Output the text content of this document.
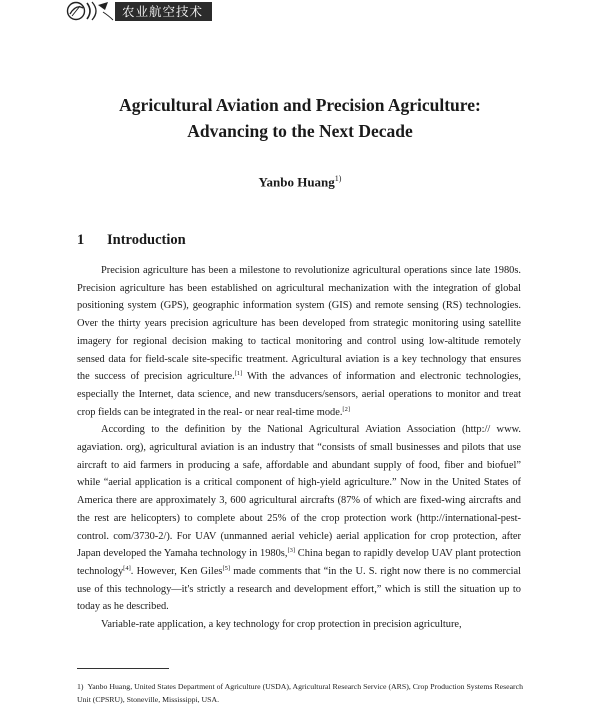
农业航空技术
Agricultural Aviation and Precision Agriculture:
Advancing to the Next Decade

Yanbo Huang$^{1)}$

1 Introduction

Precision agriculture has been a milestone to revolutionize agricultural operations since late 1980s. Precision agriculture has been established on agricultural mechanization with the integration of global positioning system (GPS), geographic information system (GIS) and remote sensing (RS) technologies. Over the thirty years precision agriculture has been developed from strategic monitoring using satellite imagery for regional decision making to tactical monitoring and control using low-altitude remotely sensed data for field-scale site-specific treatment. Agricultural aviation is a key technology that ensures the success of precision agriculture.[1] With the advances of information and electronic technologies, especially the Internet, data science, and new transducers/sensors, aerial operations to monitor and treat crop fields can be integrated in the real- or near real-time mode.[2]

According to the definition by the National Agricultural Aviation Association (http:// www. agaviation. org), agricultural aviation is an industry that “consists of small businesses and pilots that use aircraft to aid farmers in producing a safe, affordable and abundant supply of food, fiber and biofuel” while “aerial application is a critical component of high-yield agriculture.” Now in the United States of America there are approximately 3, 600 agricultural aircrafts (87% of which are fixed-wing aircrafts and the rest are helicopters) to complete about 25% of the crop protection work (http://international-pest-control. com/3730-2/). For UAV (unmanned aerial vehicle) aerial application for crop protection, after Japan developed the Yamaha technology in 1980s,[3] China began to rapidly develop UAV plant protection technology[4]. However, Ken Giles[5] made comments that “in the U. S. right now there is no commercial use of this technology—it's strictly a research and development effort,” which is still the situation up to today as he described.

Variable-rate application, a key technology for crop protection in precision agriculture,

1) Yanbo Huang, United States Department of Agriculture (USDA), Agricultural Research Service (ARS), Crop Production Systems Research Unit (CPSRU), Stoneville, Mississippi, USA.
